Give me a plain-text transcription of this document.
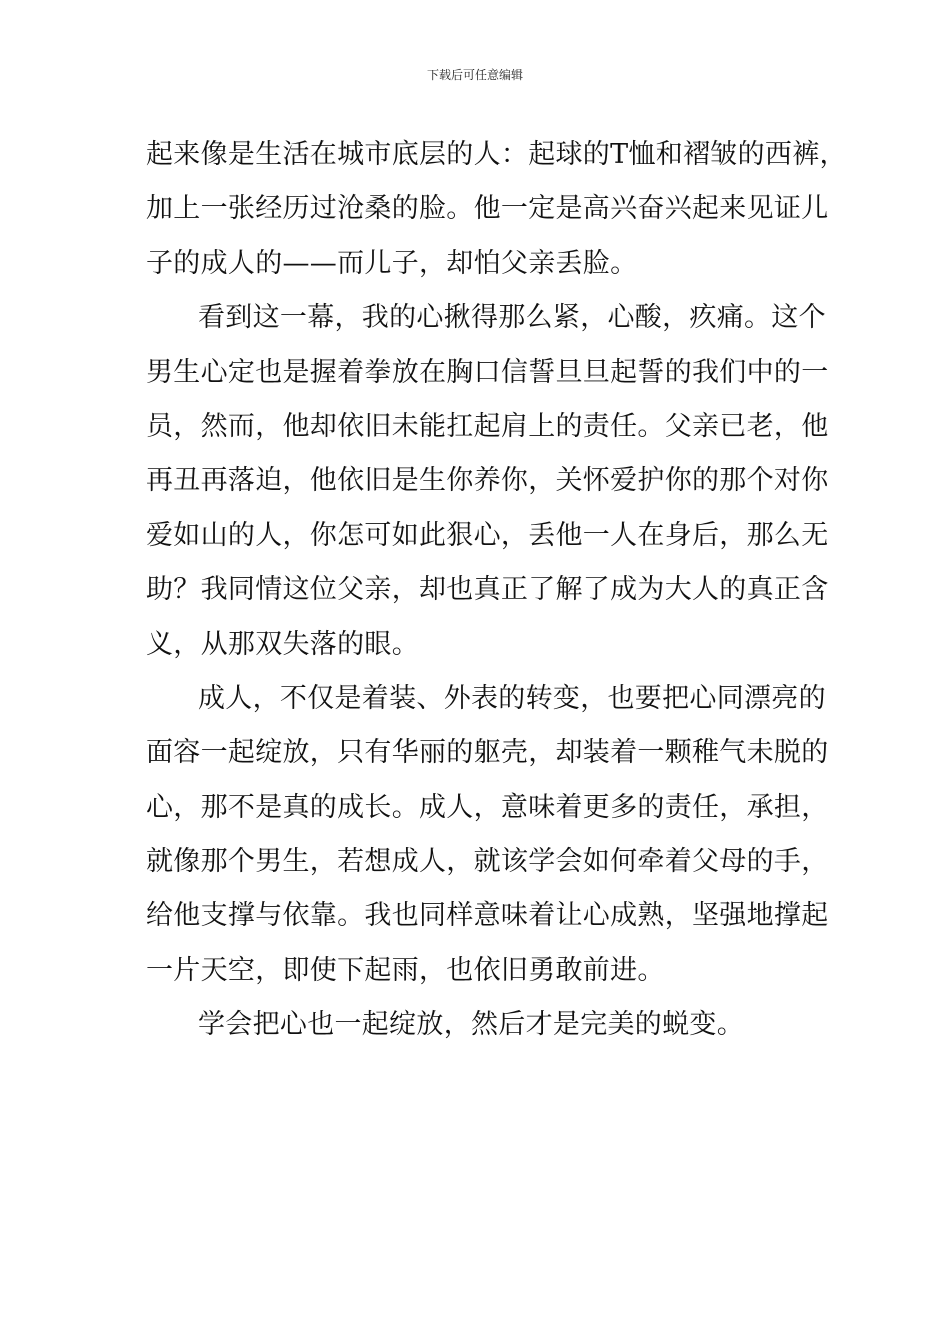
下载后可任意编辑
起来像是生活在城市底层的人：起球的T恤和褶皱的西裤，
加上一张经历过沧桑的脸。他一定是高兴奋兴起来见证儿
子的成人的——而儿子，却怕父亲丢脸。
看到这一幕，我的心揪得那么紧，心酸，疚痛。这个
男生心定也是握着拳放在胸口信誓旦旦起誓的我们中的一
员，然而，他却依旧未能扛起肩上的责任。父亲已老，他
再丑再落迫，他依旧是生你养你，关怀爱护你的那个对你
爱如山的人，你怎可如此狠心，丢他一人在身后，那么无
助？我同情这位父亲，却也真正了解了成为大人的真正含
义，从那双失落的眼。
成人，不仅是着装、外表的转变，也要把心同漂亮的
面容一起绽放，只有华丽的躯壳，却装着一颗稚气未脱的
心，那不是真的成长。成人，意味着更多的责任，承担，
就像那个男生，若想成人，就该学会如何牵着父母的手，
给他支撑与依靠。我也同样意味着让心成熟，坚强地撑起
一片天空，即使下起雨，也依旧勇敢前进。
学会把心也一起绽放，然后才是完美的蜕变。
